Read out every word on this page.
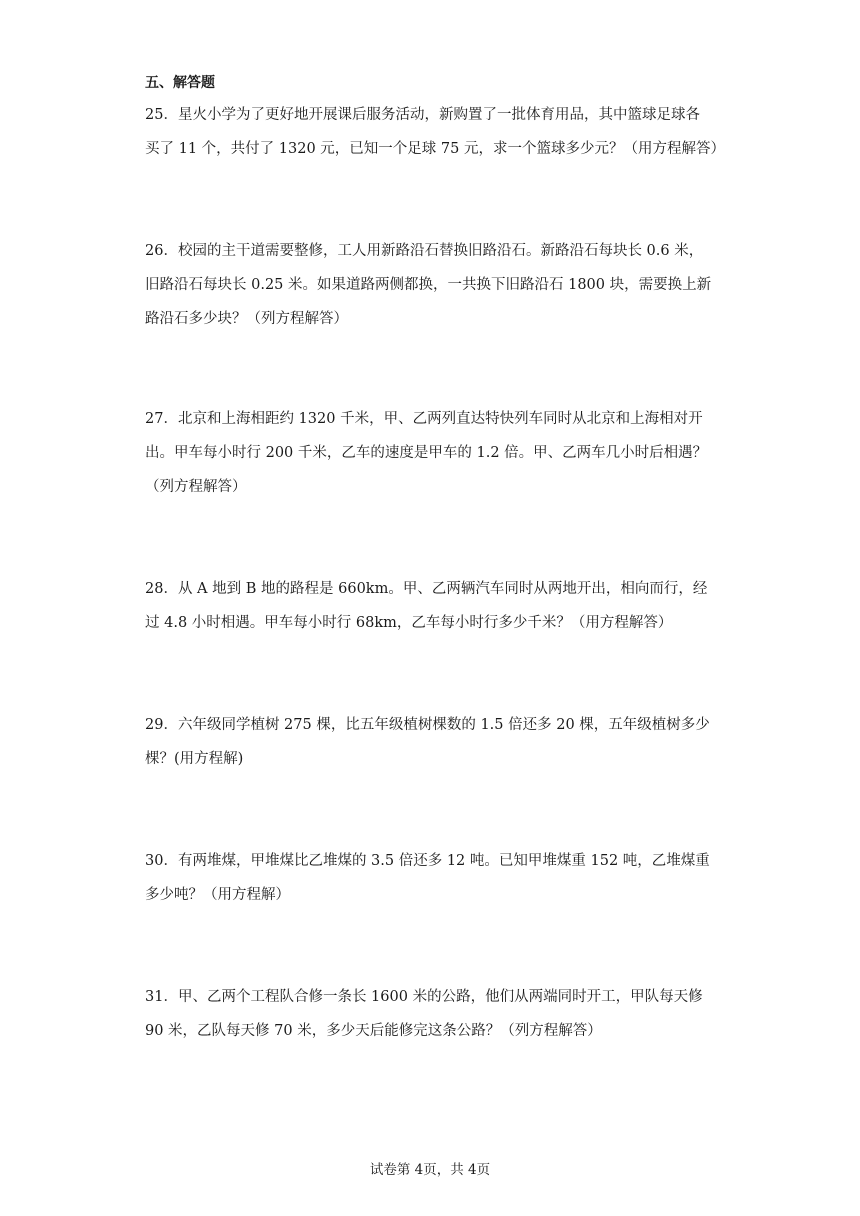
五、解答题
25．星火小学为了更好地开展课后服务活动，新购置了一批体育用品，其中篮球足球各
买了 11 个，共付了 1320 元，已知一个足球 75 元，求一个篮球多少元？（用方程解答）
26．校园的主干道需要整修，工人用新路沿石替换旧路沿石。新路沿石每块长 0.6 米，
旧路沿石每块长 0.25 米。如果道路两侧都换，一共换下旧路沿石 1800 块，需要换上新
路沿石多少块？（列方程解答）
27．北京和上海相距约 1320 千米，甲、乙两列直达特快列车同时从北京和上海相对开
出。甲车每小时行 200 千米，乙车的速度是甲车的 1.2 倍。甲、乙两车几小时后相遇？
（列方程解答）
28．从 A 地到 B 地的路程是 660km。甲、乙两辆汽车同时从两地开出，相向而行，经
过 4.8 小时相遇。甲车每小时行 68km，乙车每小时行多少千米？（用方程解答）
29．六年级同学植树 275 棵，比五年级植树棵数的 1.5 倍还多 20 棵，五年级植树多少
棵？(用方程解)
30．有两堆煤，甲堆煤比乙堆煤的 3.5 倍还多 12 吨。已知甲堆煤重 152 吨，乙堆煤重
多少吨？（用方程解）
31．甲、乙两个工程队合修一条长 1600 米的公路，他们从两端同时开工，甲队每天修
90 米，乙队每天修 70 米，多少天后能修完这条公路？（列方程解答）
试卷第 4页，共 4页
